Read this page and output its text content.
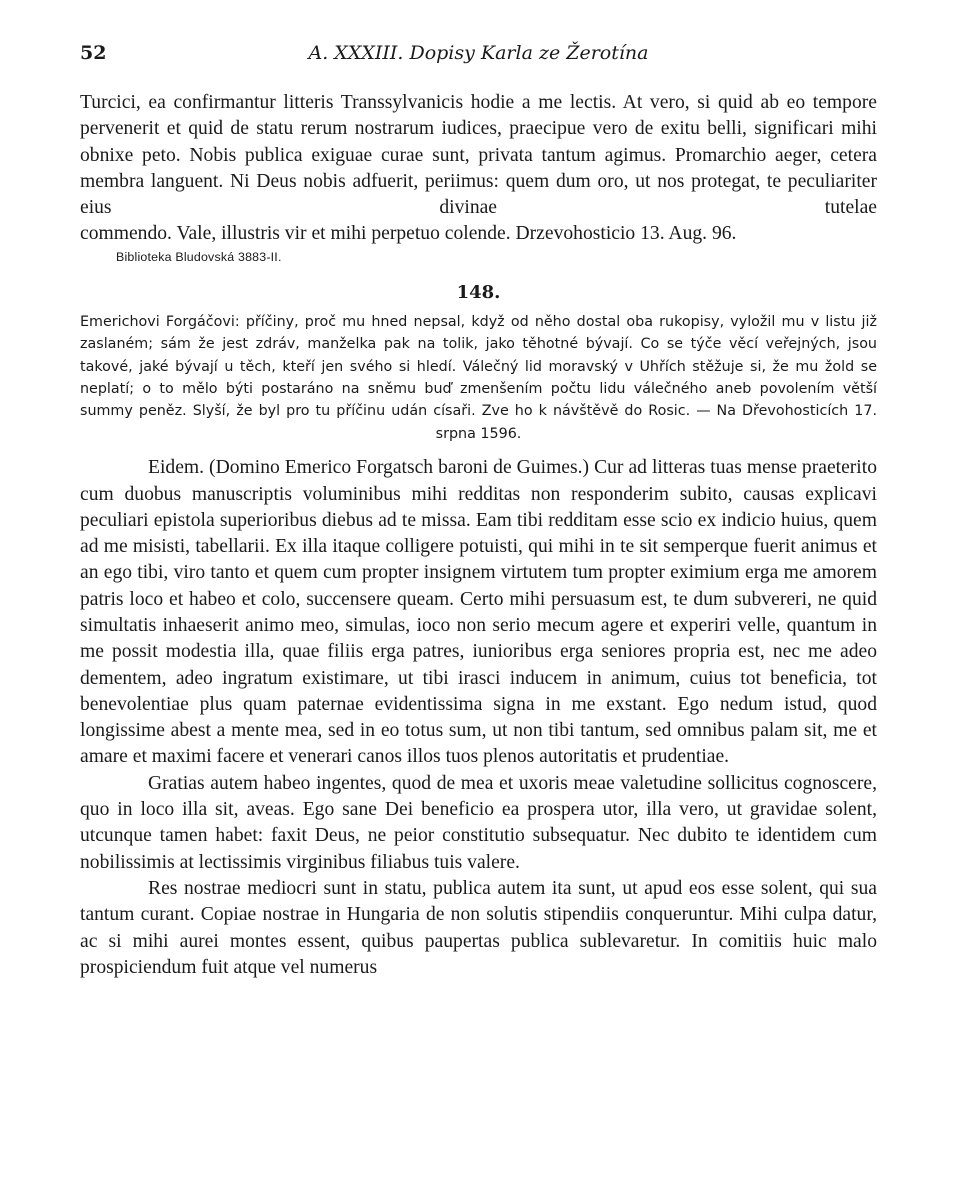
52	A. XXXIII. Dopisy Karla ze Žerotína

Turcici, ea confirmantur litteris Transsylvanicis hodie a me lectis. At vero, si quid ab eo tempore pervenerit et quid de statu rerum nostrarum iudices, praecipue vero de exitu belli, significari mihi obnixe peto. Nobis publica exiguae curae sunt, privata tantum agimus. Promarchio aeger, cetera membra languent. Ni Deus nobis adfuerit, periimus: quem dum oro, ut nos protegat, te peculiariter eius divinae tutelae
commendo. Vale, illustris vir et mihi perpetuo colende. Drzevohosticio 13. Aug. 96.

Biblioteka Bludovská 3883-II.
148.

Emerichovi Forgáčovi: příčiny, proč mu hned nepsal, když od něho dostal oba rukopisy, vyložil mu v listu již zaslaném; sám že jest zdráv, manželka pak na tolik, jako těhotné bývají. Co se týče věcí veřejných, jsou takové, jaké bývají u těch, kteří jen svého si hledí. Válečný lid moravský v Uhřích stěžuje si, že mu žold se neplatí; o to mělo býti postaráno na sněmu buď zmenšením počtu lidu válečného aneb povolením větší summy peněz. Slyší, že byl pro tu příčinu udán císaři. Zve ho k návštěvě do Rosic. — Na Dřevohosticích 17. srpna 1596.

Eidem. (Domino Emerico Forgatsch baroni de Guimes.) Cur ad litteras tuas mense praeterito cum duobus manuscriptis voluminibus mihi redditas non responderim subito, causas explicavi peculiari epistola superioribus diebus ad te missa. Eam tibi redditam esse scio ex indicio huius, quem ad me misisti, tabellarii. Ex illa itaque colligere potuisti, qui mihi in te sit semperque fuerit animus et an ego tibi, viro tanto et quem cum propter insignem virtutem tum propter eximium erga me amorem patris loco et habeo et colo, succensere queam. Certo mihi persuasum est, te dum subvereri, ne quid simultatis inhaeserit animo meo, simulas, ioco non serio mecum agere et experiri velle, quantum in me possit modestia illa, quae filiis erga patres, iunioribus erga seniores propria est, nec me adeo dementem, adeo ingratum existimare, ut tibi irasci inducem in animum, cuius tot beneficia, tot benevolentiae plus quam paternae evidentissima signa in me exstant. Ego nedum istud, quod longissime abest a mente mea, sed in eo totus sum, ut non tibi tantum, sed omnibus palam sit, me et amare et maximi facere et venerari canos illos tuos plenos autoritatis et prudentiae.

Gratias autem habeo ingentes, quod de mea et uxoris meae valetudine sollicitus cognoscere, quo in loco illa sit, aveas. Ego sane Dei beneficio ea prospera utor, illa vero, ut gravidae solent, utcunque tamen habet: faxit Deus, ne peior constitutio subsequatur. Nec dubito te identidem cum nobilissimis at lectissimis virginibus filiabus tuis valere.

Res nostrae mediocri sunt in statu, publica autem ita sunt, ut apud eos esse solent, qui sua tantum curant. Copiae nostrae in Hungaria de non solutis stipendiis conqueruntur. Mihi culpa datur, ac si mihi aurei montes essent, quibus paupertas publica sublevaretur. In comitiis huic malo prospiciendum fuit atque vel numerus
